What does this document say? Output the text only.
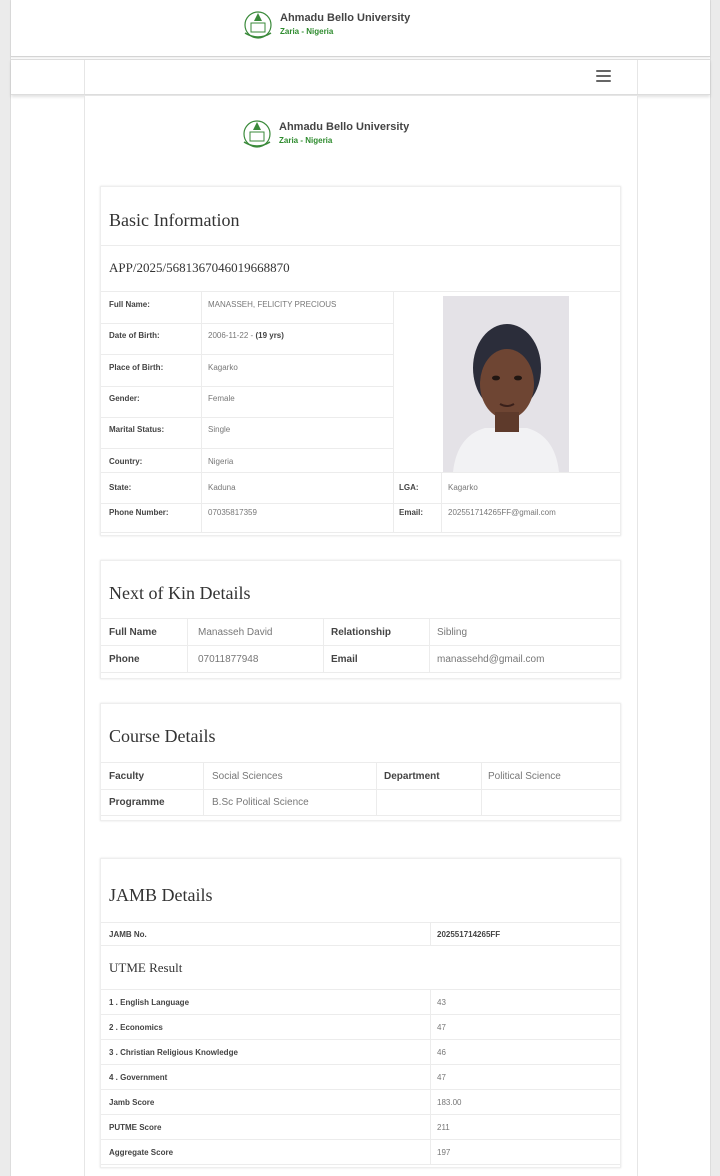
Ahmadu Bello University
Zaria - Nigeria
Ahmadu Bello University
Zaria - Nigeria
Basic Information
APP/2025/5681367046019668870
Full Name:	MANASSEH, FELICITY PRECIOUS
Date of Birth:	2006-11-22 - (19 yrs)
Place of Birth:	Kagarko
Gender:	Female
Marital Status:	Single
Country:	Nigeria
State:	Kaduna	LGA:	Kagarko
Phone Number:	07035817359	Email:	202551714265FF@gmail.com
Next of Kin Details
Full Name	Manasseh David	Relationship	Sibling
Phone	07011877948	Email	manassehd@gmail.com
Course Details
Faculty	Social Sciences	Department	Political Science
Programme	B.Sc Political Science
JAMB Details
JAMB No.	202551714265FF
UTME Result
1 . English Language	43
2 . Economics	47
3 . Christian Religious Knowledge	46
4 . Government	47
Jamb Score	183.00
PUTME Score	211
Aggregate Score	197
